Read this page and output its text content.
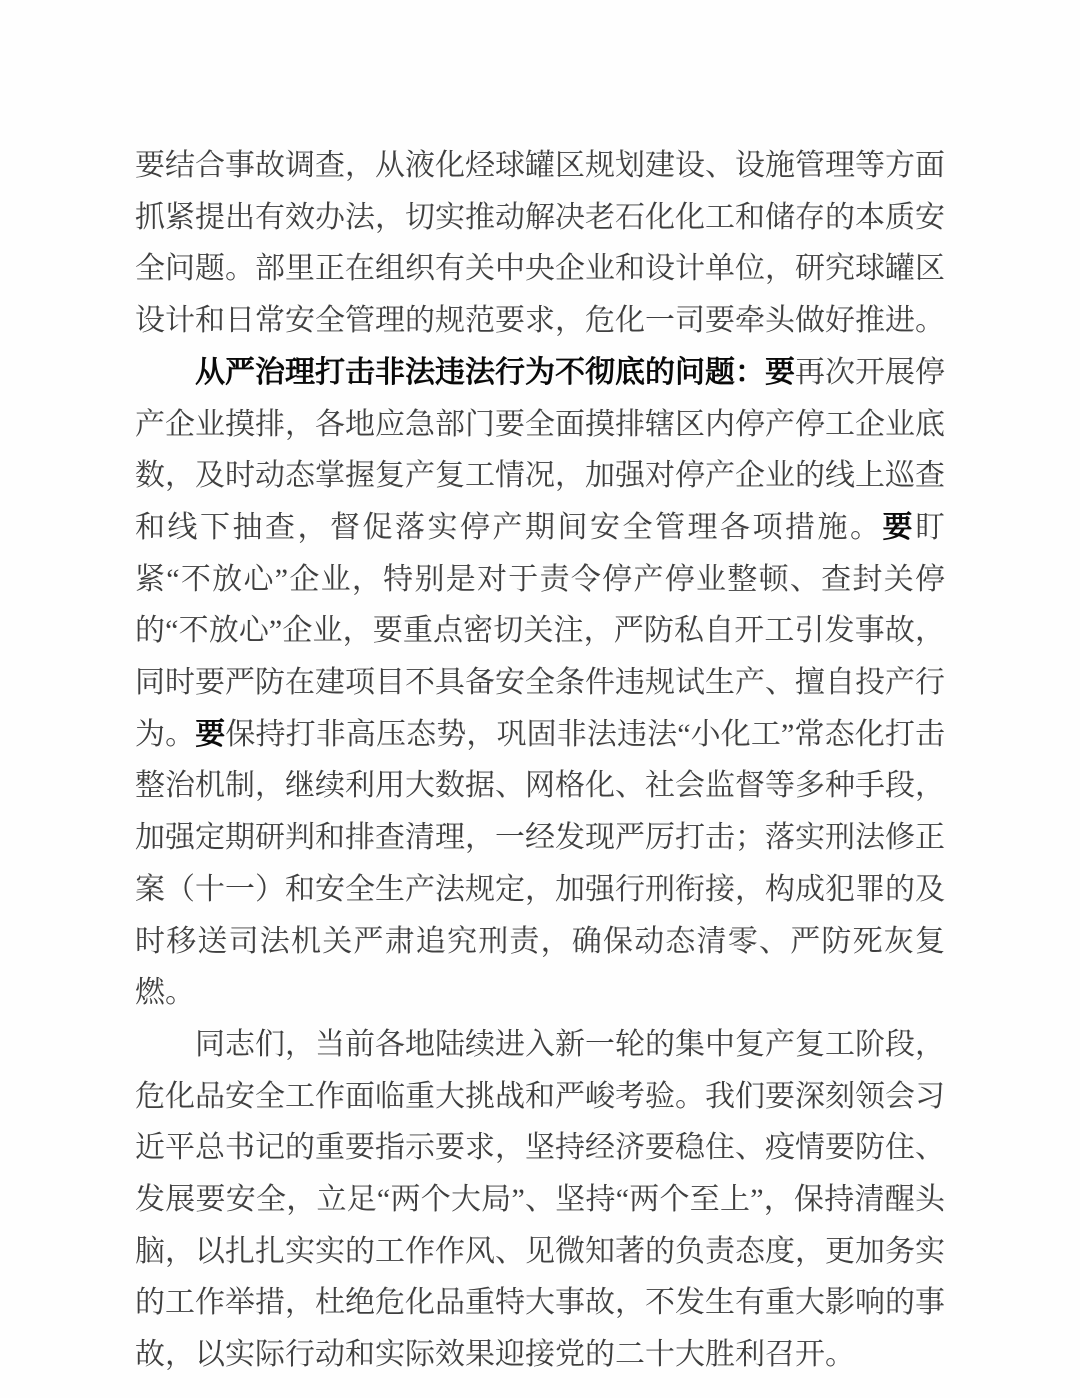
要结合事故调查，从液化烃球罐区规划建设、设施管理等方面抓紧提出有效办法，切实推动解决老石化化工和储存的本质安全问题。部里正在组织有关中央企业和设计单位，研究球罐区设计和日常安全管理的规范要求，危化一司要牵头做好推进。

从严治理打击非法违法行为不彻底的问题：要再次开展停产企业摸排，各地应急部门要全面摸排辖区内停产停工企业底数，及时动态掌握复产复工情况，加强对停产企业的线上巡查和线下抽查，督促落实停产期间安全管理各项措施。要盯紧“不放心”企业，特别是对于责令停产停业整顿、查封关停的“不放心”企业，要重点密切关注，严防私自开工引发事故，同时要严防在建项目不具备安全条件违规试生产、擅自投产行为。要保持打非高压态势，巩固非法违法“小化工”常态化打击整治机制，继续利用大数据、网格化、社会监督等多种手段，加强定期研判和排查清理，一经发现严厉打击；落实刑法修正案（十一）和安全生产法规定，加强行刑衔接，构成犯罪的及时移送司法机关严肃追究刑责，确保动态清零、严防死灰复燃。

同志们，当前各地陆续进入新一轮的集中复产复工阶段，危化品安全工作面临重大挑战和严峻考验。我们要深刻领会习近平总书记的重要指示要求，坚持经济要稳住、疫情要防住、发展要安全，立足“两个大局”、坚持“两个至上”，保持清醒头脑，以扎扎实实的工作作风、见微知著的负责态度，更加务实的工作举措，杜绝危化品重特大事故，不发生有重大影响的事故，以实际行动和实际效果迎接党的二十大胜利召开。
